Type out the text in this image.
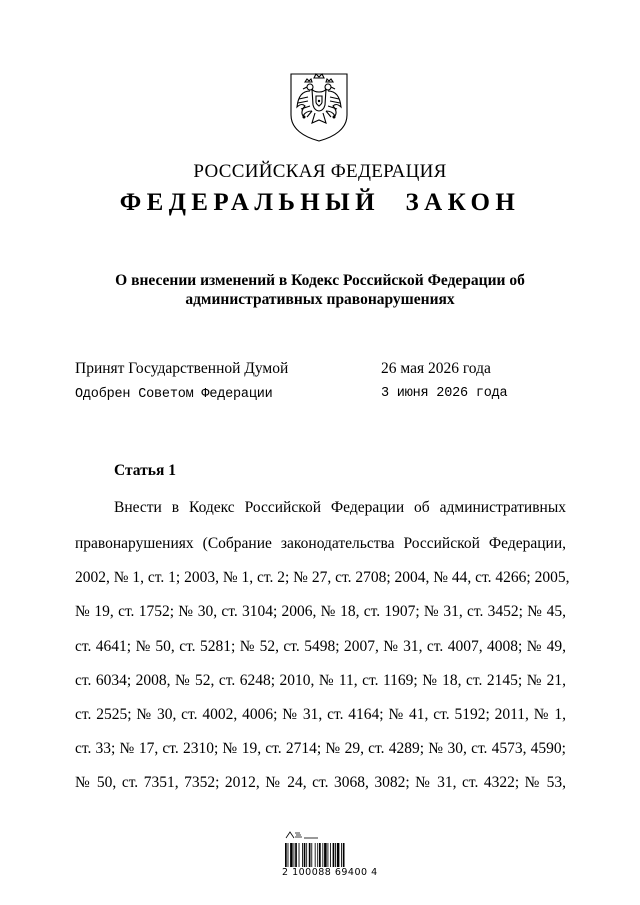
РОССИЙСКАЯ ФЕДЕРАЦИЯ
ФЕДЕРАЛЬНЫЙ ЗАКОН
О внесении изменений в Кодекс Российской Федерации об
административных правонарушениях
Принят Государственной Думой	26 мая 2026 года
Одобрен Советом Федерации	3 июня 2026 года
Статья 1
Внести в Кодекс Российской Федерации об административных
правонарушениях (Собрание законодательства Российской Федерации,
2002, № 1, ст. 1; 2003, № 1, ст. 2; № 27, ст. 2708; 2004, № 44, ст. 4266; 2005,
№ 19, ст. 1752; № 30, ст. 3104; 2006, № 18, ст. 1907; № 31, ст. 3452; № 45,
ст. 4641; № 50, ст. 5281; № 52, ст. 5498; 2007, № 31, ст. 4007, 4008; № 49,
ст. 6034; 2008, № 52, ст. 6248; 2010, № 11, ст. 1169; № 18, ст. 2145; № 21,
ст. 2525; № 30, ст. 4002, 4006; № 31, ст. 4164; № 41, ст. 5192; 2011, № 1,
ст. 33; № 17, ст. 2310; № 19, ст. 2714; № 29, ст. 4289; № 30, ст. 4573, 4590;
№ 50, ст. 7351, 7352; 2012, № 24, ст. 3068, 3082; № 31, ст. 4322; № 53,
2 100088 69400 4
